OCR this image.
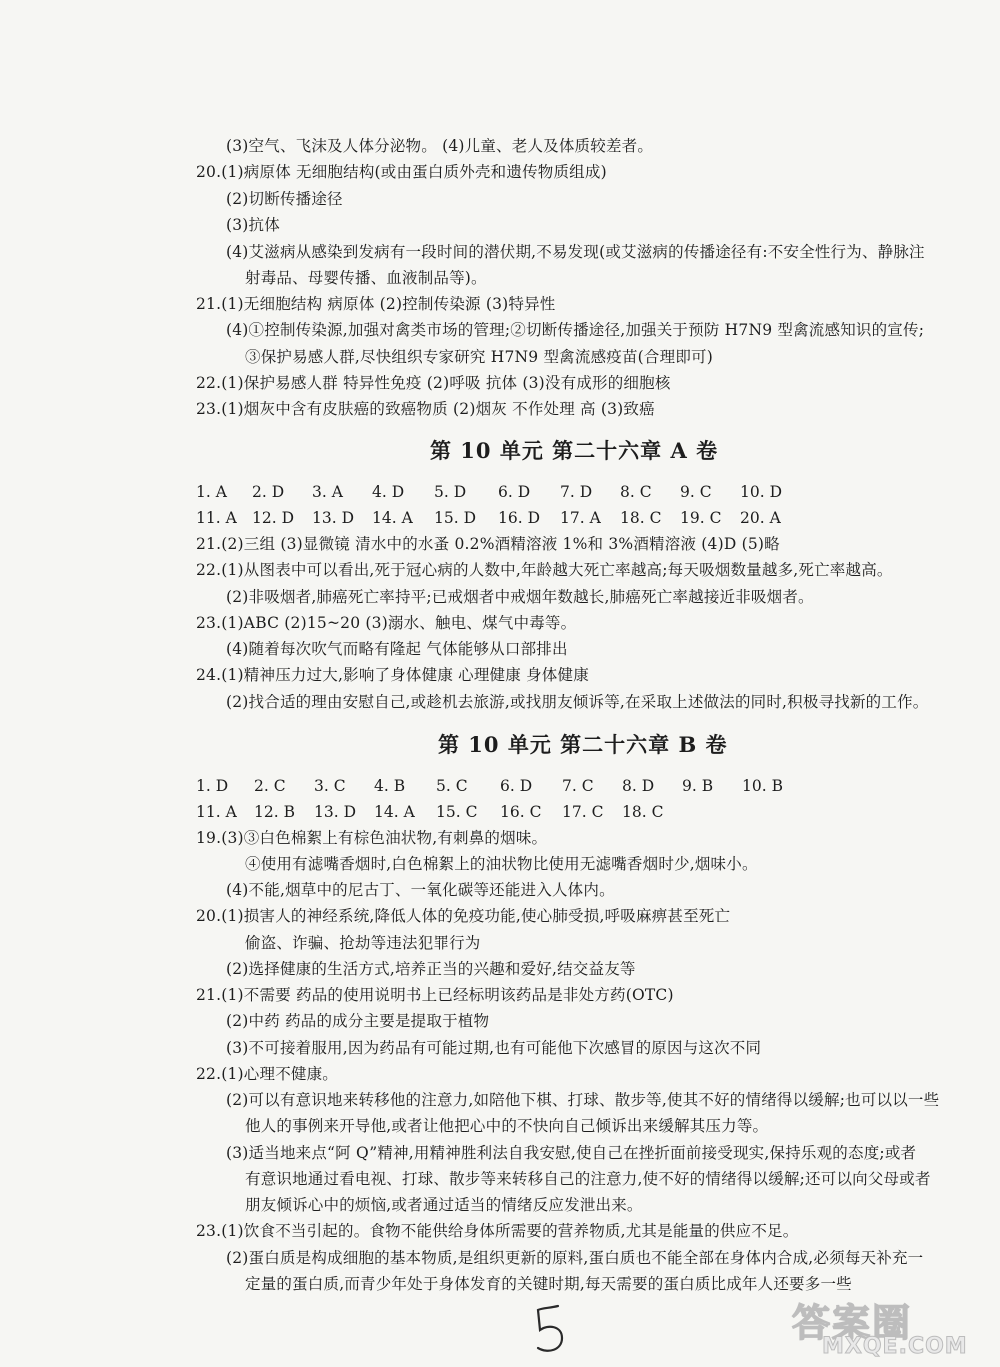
(3)空气、飞沫及人体分泌物。 (4)儿童、老人及体质较差者。
20.(1)病原体 无细胞结构(或由蛋白质外壳和遗传物质组成)
(2)切断传播途径
(3)抗体
(4)艾滋病从感染到发病有一段时间的潜伏期,不易发现(或艾滋病的传播途径有:不安全性行为、静脉注
射毒品、母婴传播、血液制品等)。
21.(1)无细胞结构 病原体 (2)控制传染源 (3)特异性
(4)①控制传染源,加强对禽类市场的管理;②切断传播途径,加强关于预防 H7N9 型禽流感知识的宣传;
③保护易感人群,尽快组织专家研究 H7N9 型禽流感疫苗(合理即可)
22.(1)保护易感人群 特异性免疫 (2)呼吸 抗体 (3)没有成形的细胞核
23.(1)烟灰中含有皮肤癌的致癌物质 (2)烟灰 不作处理 高 (3)致癌
第 10 单元 第二十六章 A 卷
1. A 2. D 3. A 4. D 5. D 6. D 7. D 8. C 9. C 10. D
11. A 12. D 13. D 14. A 15. D 16. D 17. A 18. C 19. C 20. A
21.(2)三组 (3)显微镜 清水中的水蚤 0.2%酒精溶液 1%和 3%酒精溶液 (4)D (5)略
22.(1)从图表中可以看出,死于冠心病的人数中,年龄越大死亡率越高;每天吸烟数量越多,死亡率越高。
(2)非吸烟者,肺癌死亡率持平;已戒烟者中戒烟年数越长,肺癌死亡率越接近非吸烟者。
23.(1)ABC (2)15~20 (3)溺水、触电、煤气中毒等。
(4)随着每次吹气而略有隆起 气体能够从口部排出
24.(1)精神压力过大,影响了身体健康 心理健康 身体健康
(2)找合适的理由安慰自己,或趁机去旅游,或找朋友倾诉等,在采取上述做法的同时,积极寻找新的工作。
第 10 单元 第二十六章 B 卷
1. D 2. C 3. C 4. B 5. C 6. D 7. C 8. D 9. B 10. B
11. A 12. B 13. D 14. A 15. C 16. C 17. C 18. C
19.(3)③白色棉絮上有棕色油状物,有刺鼻的烟味。
④使用有滤嘴香烟时,白色棉絮上的油状物比使用无滤嘴香烟时少,烟味小。
(4)不能,烟草中的尼古丁、一氧化碳等还能进入人体内。
20.(1)损害人的神经系统,降低人体的免疫功能,使心肺受损,呼吸麻痹甚至死亡
偷盗、诈骗、抢劫等违法犯罪行为
(2)选择健康的生活方式,培养正当的兴趣和爱好,结交益友等
21.(1)不需要 药品的使用说明书上已经标明该药品是非处方药(OTC)
(2)中药 药品的成分主要是提取于植物
(3)不可接着服用,因为药品有可能过期,也有可能他下次感冒的原因与这次不同
22.(1)心理不健康。
(2)可以有意识地来转移他的注意力,如陪他下棋、打球、散步等,使其不好的情绪得以缓解;也可以以一些
他人的事例来开导他,或者让他把心中的不快向自己倾诉出来缓解其压力等。
(3)适当地来点“阿 Q”精神,用精神胜利法自我安慰,使自己在挫折面前接受现实,保持乐观的态度;或者
有意识地通过看电视、打球、散步等来转移自己的注意力,使不好的情绪得以缓解;还可以向父母或者
朋友倾诉心中的烦恼,或者通过适当的情绪反应发泄出来。
23.(1)饮食不当引起的。食物不能供给身体所需要的营养物质,尤其是能量的供应不足。
(2)蛋白质是构成细胞的基本物质,是组织更新的原料,蛋白质也不能全部在身体内合成,必须每天补充一
定量的蛋白质,而青少年处于身体发育的关键时期,每天需要的蛋白质比成年人还要多一些
答案圈
MXQE.COM
